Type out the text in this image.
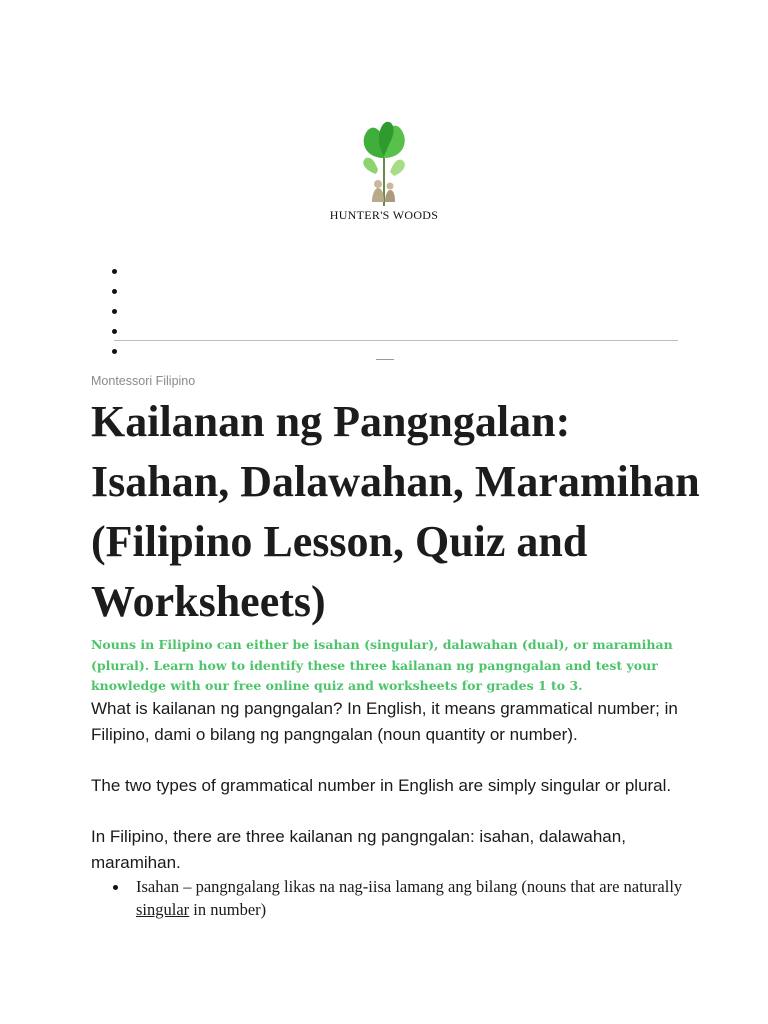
HUNTER'S WOODS
Montessori Filipino
Kailanan ng Pangngalan: Isahan, Dalawahan, Maramihan (Filipino Lesson, Quiz and Worksheets)

Nouns in Filipino can either be isahan (singular), dalawahan (dual), or maramihan (plural). Learn how to identify these three kailanan ng pangngalan and test your knowledge with our free online quiz and worksheets for grades 1 to 3.

What is kailanan ng pangngalan? In English, it means grammatical number; in Filipino, dami o bilang ng pangngalan (noun quantity or number).

The two types of grammatical number in English are simply singular or plural.

In Filipino, there are three kailanan ng pangngalan: isahan, dalawahan, maramihan.

Isahan – pangngalang likas na nag-iisa lamang ang bilang (nouns that are naturally singular in number)
